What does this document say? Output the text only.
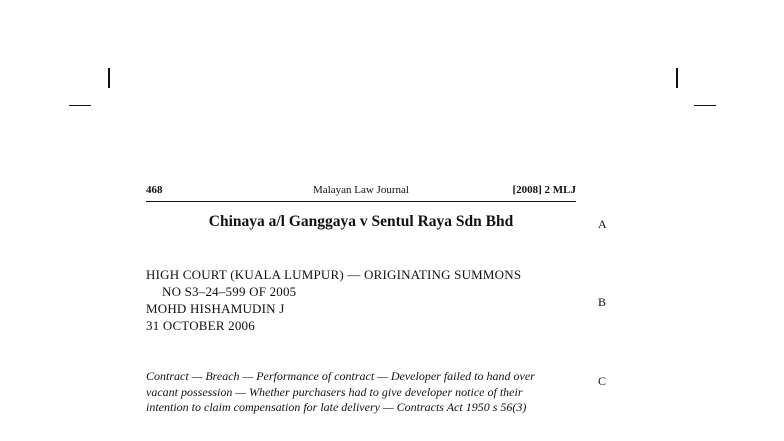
468	Malayan Law Journal	[2008] 2 MLJ
Chinaya a/l Ganggaya v Sentul Raya Sdn Bhd
HIGH COURT (KUALA LUMPUR) — ORIGINATING SUMMONS
NO S3–24–599 OF 2005
MOHD HISHAMUDIN J
31 OCTOBER 2006
Contract — Breach — Performance of contract — Developer failed to hand over
vacant possession — Whether purchasers had to give developer notice of their
intention to claim compensation for late delivery — Contracts Act 1950 s 56(3)
A
B
C
